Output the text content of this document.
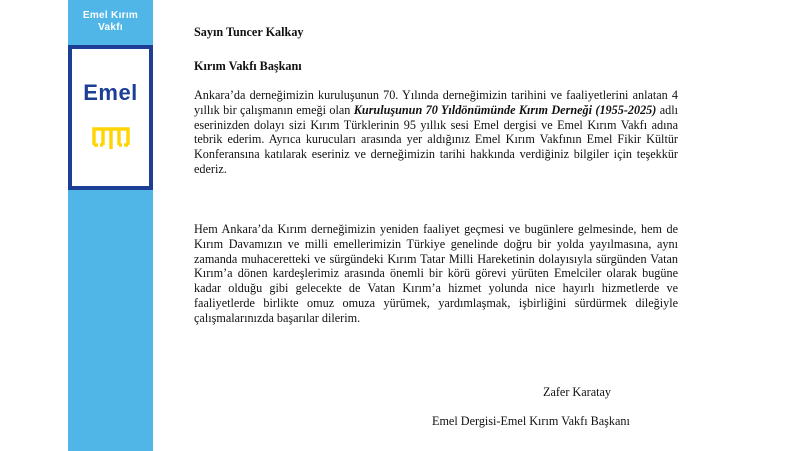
Emel Kırım
Vakfı
Emel

Sayın Tuncer Kalkay

Kırım Vakfı Başkanı

Ankara’da derneğimizin kuruluşunun 70. Yılında derneğimizin tarihini ve faaliyetlerini anlatan 4 yıllık bir çalışmanın emeği olan Kuruluşunun 70 Yıldönümünde Kırım Derneği (1955-2025) adlı eserinizden dolayı sizi Kırım Türklerinin 95 yıllık sesi Emel dergisi ve Emel Kırım Vakfı adına tebrik ederim. Ayrıca kurucuları arasında yer aldığınız Emel Kırım Vakfının Emel Fikir Kültür Konferansına katılarak eseriniz ve derneğimizin tarihi hakkında verdiğiniz bilgiler için teşekkür ederiz.

Hem Ankara’da Kırım derneğimizin yeniden faaliyet geçmesi ve bugünlere gelmesinde, hem de Kırım Davamızın ve milli emellerimizin Türkiye genelinde doğru bir yolda yayılmasına, aynı zamanda muhaceretteki ve sürgündeki Kırım Tatar Milli Hareketinin dolayısıyla sürgünden Vatan Kırım’a dönen kardeşlerimiz arasında önemli bir körü görevi yürüten Emelciler olarak bugüne kadar olduğu gibi gelecekte de Vatan Kırım’a hizmet yolunda nice hayırlı hizmetlerde ve faaliyetlerde birlikte omuz omuza yürümek, yardımlaşmak, işbirliğini sürdürmek dileğiyle çalışmalarınızda başarılar dilerim.

Zafer Karatay

Emel Dergisi-Emel Kırım Vakfı Başkanı
